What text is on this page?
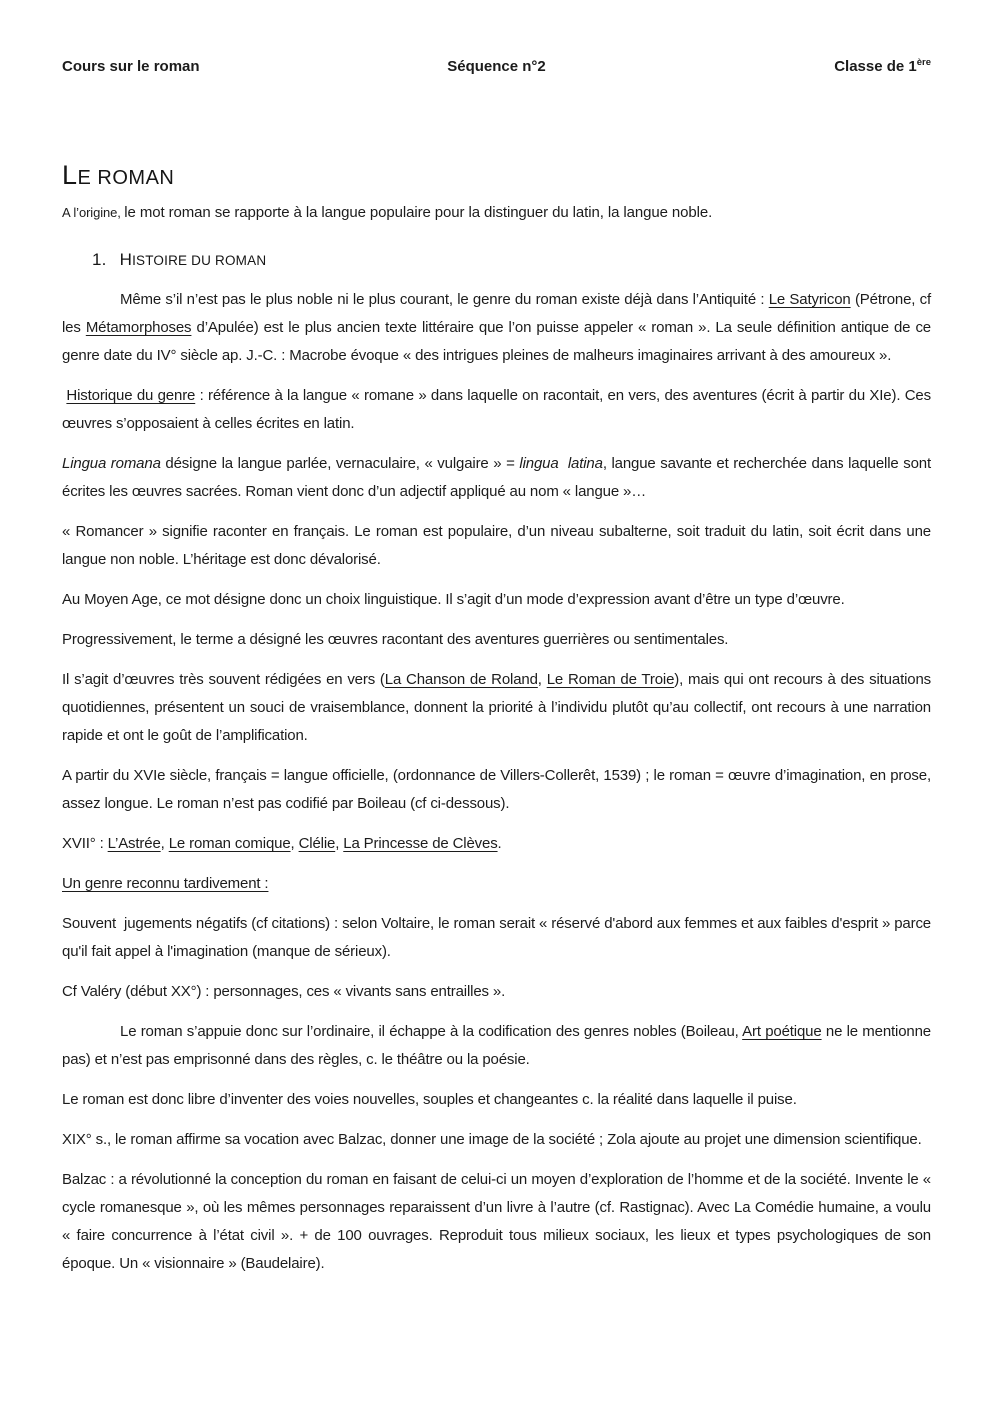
Cours sur le roman	Séquence n°2	Classe de 1ère
LE ROMAN

A l’origine, le mot roman se rapporte à la langue populaire pour la distinguer du latin, la langue noble.

1. HISTOIRE DU ROMAN

Même s’il n’est pas le plus noble ni le plus courant, le genre du roman existe déjà dans l’Antiquité : Le Satyricon (Pétrone, cf les Métamorphoses d’Apulée) est le plus ancien texte littéraire que l’on puisse appeler « roman ». La seule définition antique de ce genre date du IV° siècle ap. J.-C. : Macrobe évoque « des intrigues pleines de malheurs imaginaires arrivant à des amoureux ».

Historique du genre : référence à la langue « romane » dans laquelle on racontait, en vers, des aventures (écrit à partir du XIe). Ces œuvres s’opposaient à celles écrites en latin.

Lingua romana désigne la langue parlée, vernaculaire, « vulgaire » = lingua  latina, langue savante et recherchée dans laquelle sont écrites les œuvres sacrées. Roman vient donc d’un adjectif appliqué au nom « langue »…

« Romancer » signifie raconter en français. Le roman est populaire, d’un niveau subalterne, soit traduit du latin, soit écrit dans une langue non noble. L’héritage est donc dévalorisé.

Au Moyen Age, ce mot désigne donc un choix linguistique. Il s’agit d’un mode d’expression avant d’être un type d’œuvre.

Progressivement, le terme a désigné les œuvres racontant des aventures guerrières ou sentimentales.

Il s’agit d’œuvres très souvent rédigées en vers (La Chanson de Roland, Le Roman de Troie), mais qui ont recours à des situations quotidiennes, présentent un souci de vraisemblance, donnent la priorité à l’individu plutôt qu’au collectif, ont recours à une narration rapide et ont le goût de l’amplification.

A partir du XVIe siècle, français = langue officielle, (ordonnance de Villers-Collerêt, 1539) ; le roman = œuvre d’imagination, en prose, assez longue. Le roman n’est pas codifié par Boileau (cf ci-dessous).

XVII° : L’Astrée, Le roman comique, Clélie, La Princesse de Clèves.

Un genre reconnu tardivement :

Souvent  jugements négatifs (cf citations) : selon Voltaire, le roman serait « réservé d'abord aux femmes et aux faibles d'esprit » parce qu'il fait appel à l'imagination (manque de sérieux).

Cf Valéry (début XX°) : personnages, ces « vivants sans entrailles ».

Le roman s’appuie donc sur l’ordinaire, il échappe à la codification des genres nobles (Boileau, Art poétique ne le mentionne pas) et n’est pas emprisonné dans des règles, c. le théâtre ou la poésie.

Le roman est donc libre d’inventer des voies nouvelles, souples et changeantes c. la réalité dans laquelle il puise.

XIX° s., le roman affirme sa vocation avec Balzac, donner une image de la société ; Zola ajoute au projet une dimension scientifique.

Balzac : a révolutionné la conception du roman en faisant de celui-ci un moyen d’exploration de l’homme et de la société. Invente le « cycle romanesque », où les mêmes personnages reparaissent d’un livre à l’autre (cf. Rastignac). Avec La Comédie humaine, a voulu « faire concurrence à l’état civil ». + de 100 ouvrages. Reproduit tous milieux sociaux, les lieux et types psychologiques de son époque. Un « visionnaire » (Baudelaire).
